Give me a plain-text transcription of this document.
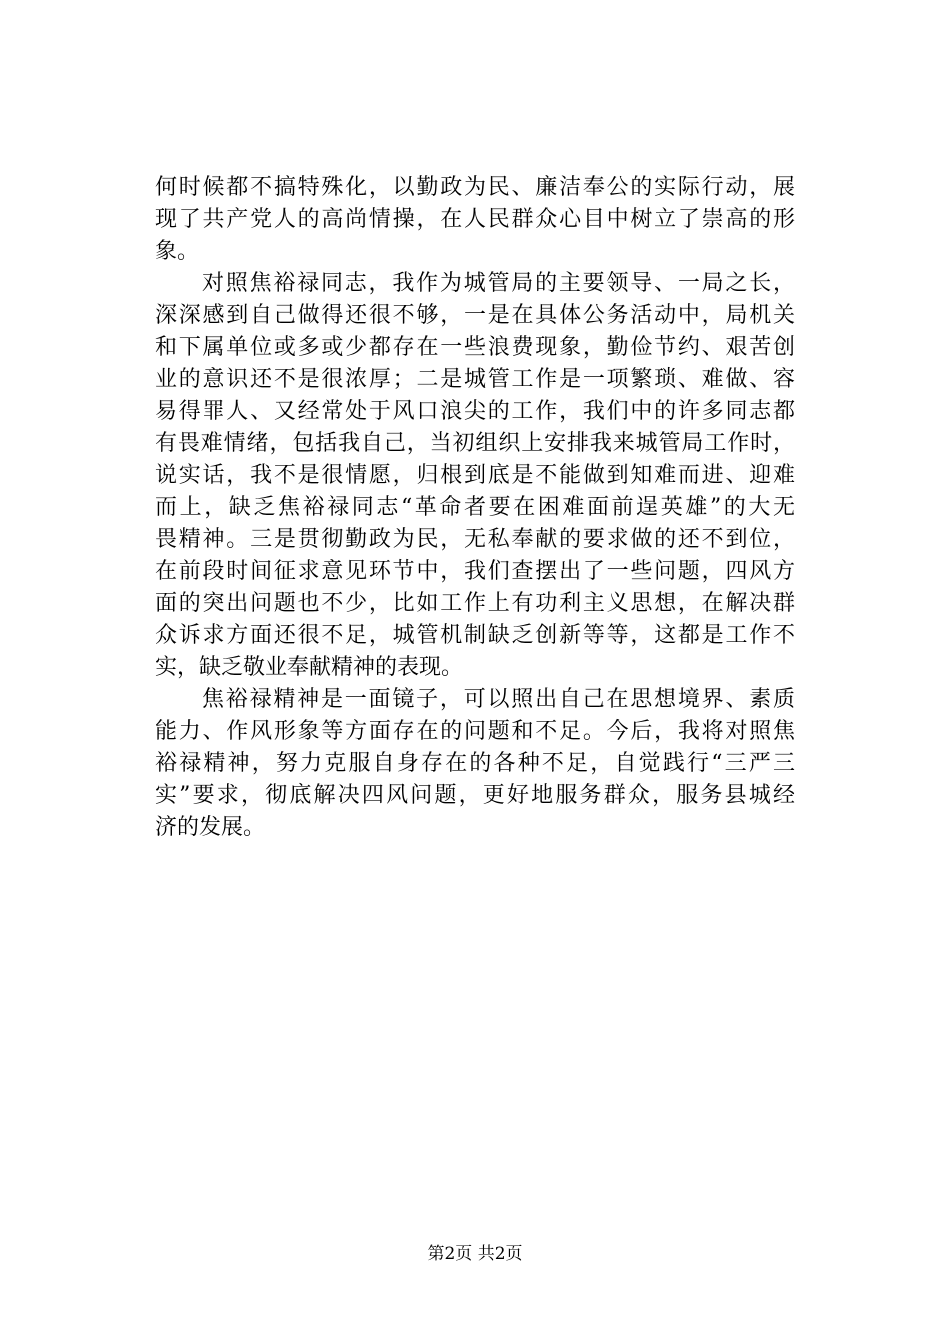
何时候都不搞特殊化，以勤政为民、廉洁奉公的实际行动，展
现了共产党人的高尚情操，在人民群众心目中树立了崇高的形
象。
对照焦裕禄同志，我作为城管局的主要领导、一局之长，
深深感到自己做得还很不够，一是在具体公务活动中，局机关
和下属单位或多或少都存在一些浪费现象，勤俭节约、艰苦创
业的意识还不是很浓厚；二是城管工作是一项繁琐、难做、容
易得罪人、又经常处于风口浪尖的工作，我们中的许多同志都
有畏难情绪，包括我自己，当初组织上安排我来城管局工作时，
说实话，我不是很情愿，归根到底是不能做到知难而进、迎难
而上，缺乏焦裕禄同志“革命者要在困难面前逞英雄”的大无
畏精神。三是贯彻勤政为民，无私奉献的要求做的还不到位，
在前段时间征求意见环节中，我们查摆出了一些问题，四风方
面的突出问题也不少，比如工作上有功利主义思想，在解决群
众诉求方面还很不足，城管机制缺乏创新等等，这都是工作不
实，缺乏敬业奉献精神的表现。
焦裕禄精神是一面镜子，可以照出自己在思想境界、素质
能力、作风形象等方面存在的问题和不足。今后，我将对照焦
裕禄精神，努力克服自身存在的各种不足，自觉践行“三严三
实”要求，彻底解决四风问题，更好地服务群众，服务县城经
济的发展。
第2页 共2页
